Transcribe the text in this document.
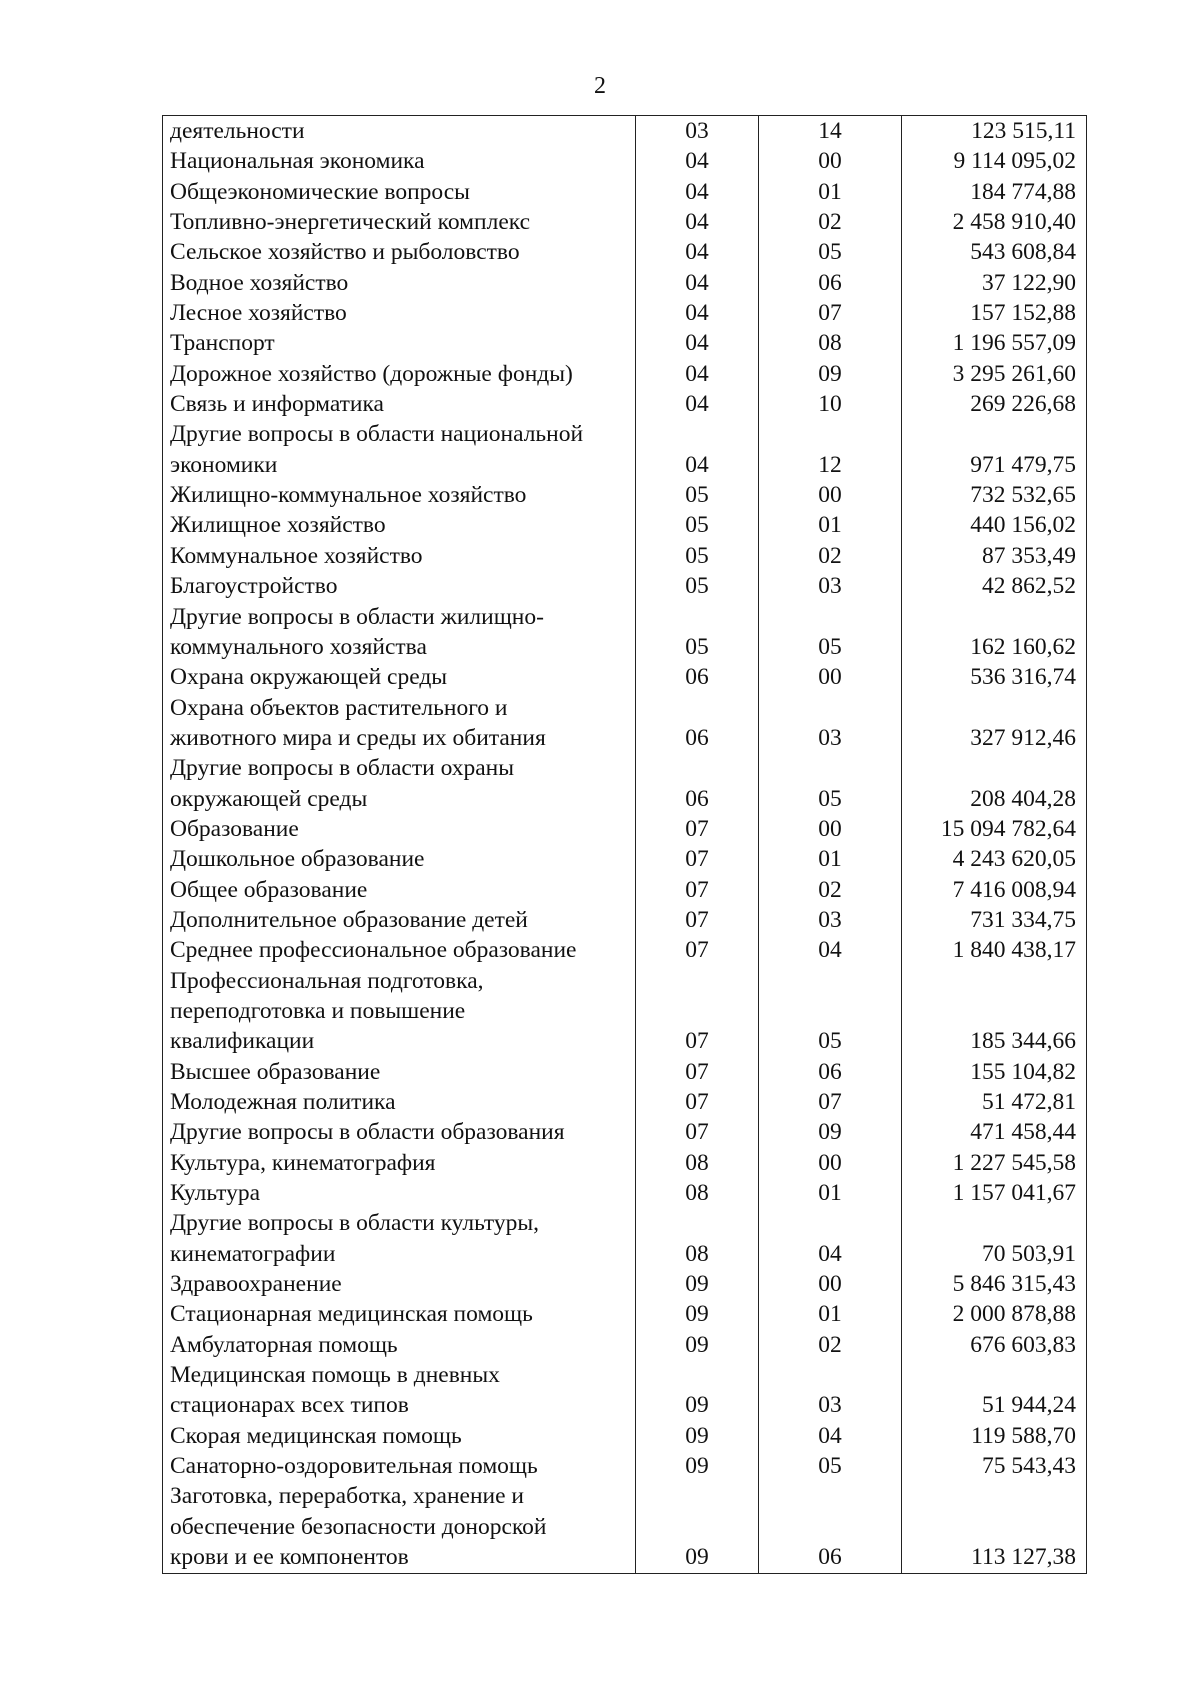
2
деятельности	03	14	123 515,11
Национальная экономика	04	00	9 114 095,02
Общеэкономические вопросы	04	01	184 774,88
Топливно-энергетический комплекс	04	02	2 458 910,40
Сельское хозяйство и рыболовство	04	05	543 608,84
Водное хозяйство	04	06	37 122,90
Лесное хозяйство	04	07	157 152,88
Транспорт	04	08	1 196 557,09
Дорожное хозяйство (дорожные фонды)	04	09	3 295 261,60
Связь и информатика	04	10	269 226,68
Другие вопросы в области национальной
экономики	04	12	971 479,75
Жилищно-коммунальное хозяйство	05	00	732 532,65
Жилищное хозяйство	05	01	440 156,02
Коммунальное хозяйство	05	02	87 353,49
Благоустройство	05	03	42 862,52
Другие вопросы в области жилищно-
коммунального хозяйства	05	05	162 160,62
Охрана окружающей среды	06	00	536 316,74
Охрана объектов растительного и
животного мира и среды их обитания	06	03	327 912,46
Другие вопросы в области охраны
окружающей среды	06	05	208 404,28
Образование	07	00	15 094 782,64
Дошкольное образование	07	01	4 243 620,05
Общее образование	07	02	7 416 008,94
Дополнительное образование детей	07	03	731 334,75
Среднее профессиональное образование	07	04	1 840 438,17
Профессиональная подготовка,
переподготовка и повышение
квалификации	07	05	185 344,66
Высшее образование	07	06	155 104,82
Молодежная политика	07	07	51 472,81
Другие вопросы в области образования	07	09	471 458,44
Культура, кинематография	08	00	1 227 545,58
Культура	08	01	1 157 041,67
Другие вопросы в области культуры,
кинематографии	08	04	70 503,91
Здравоохранение	09	00	5 846 315,43
Стационарная медицинская помощь	09	01	2 000 878,88
Амбулаторная помощь	09	02	676 603,83
Медицинская помощь в дневных
стационарах всех типов	09	03	51 944,24
Скорая медицинская помощь	09	04	119 588,70
Санаторно-оздоровительная помощь	09	05	75 543,43
Заготовка, переработка, хранение и
обеспечение безопасности донорской
крови и ее компонентов	09	06	113 127,38
